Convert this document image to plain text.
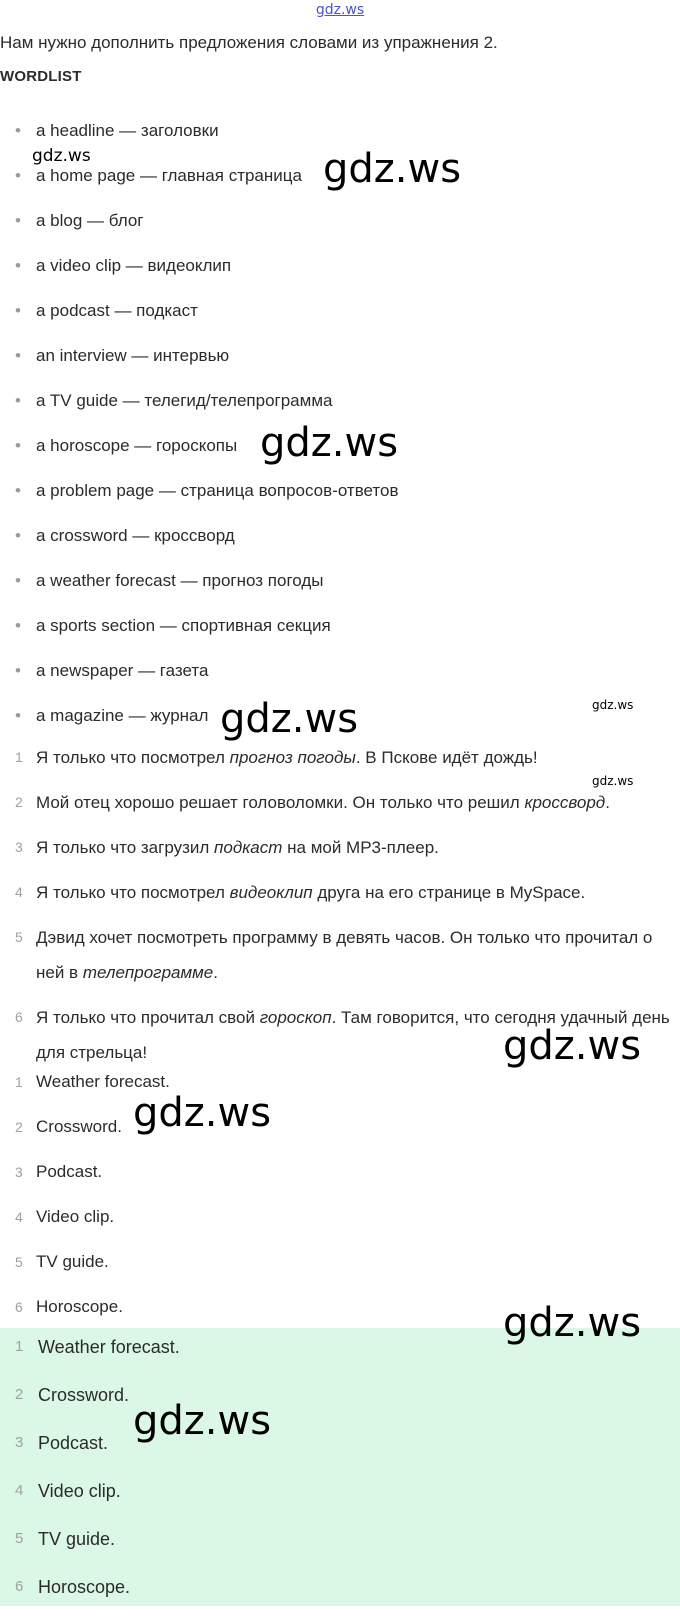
gdz.ws
Нам нужно дополнить предложения словами из упражнения 2.
WORDLIST
• a headline — заголовки
• a home page — главная страница
• a blog — блог
• a video clip — видеоклип
• a podcast — подкаст
• an interview — интервью
• a TV guide — телегид/телепрограмма
• a horoscope — гороскопы
• a problem page — страница вопросов-ответов
• a crossword — кроссворд
• a weather forecast — прогноз погоды
• a sports section — спортивная секция
• a newspaper — газета
• a magazine — журнал
1 Я только что посмотрел прогноз погоды. В Пскове идёт дождь!
2 Мой отец хорошо решает головоломки. Он только что решил кроссворд.
3 Я только что загрузил подкаст на мой МР3-плеер.
4 Я только что посмотрел видеоклип друга на его странице в MySpace.
5 Дэвид хочет посмотреть программу в девять часов. Он только что прочитал о ней в телепрограмме.
6 Я только что прочитал свой гороскоп. Там говорится, что сегодня удачный день для стрельца!
1 Weather forecast.
2 Crossword.
3 Podcast.
4 Video clip.
5 TV guide.
6 Horoscope.
1 Weather forecast.
2 Crossword.
3 Podcast.
4 Video clip.
5 TV guide.
6 Horoscope.
gdz.ws	gdz.ws
gdz.ws
gdz.ws	gdz.ws
gdz.ws
gdz.ws
gdz.ws
gdz.ws
gdz.ws
